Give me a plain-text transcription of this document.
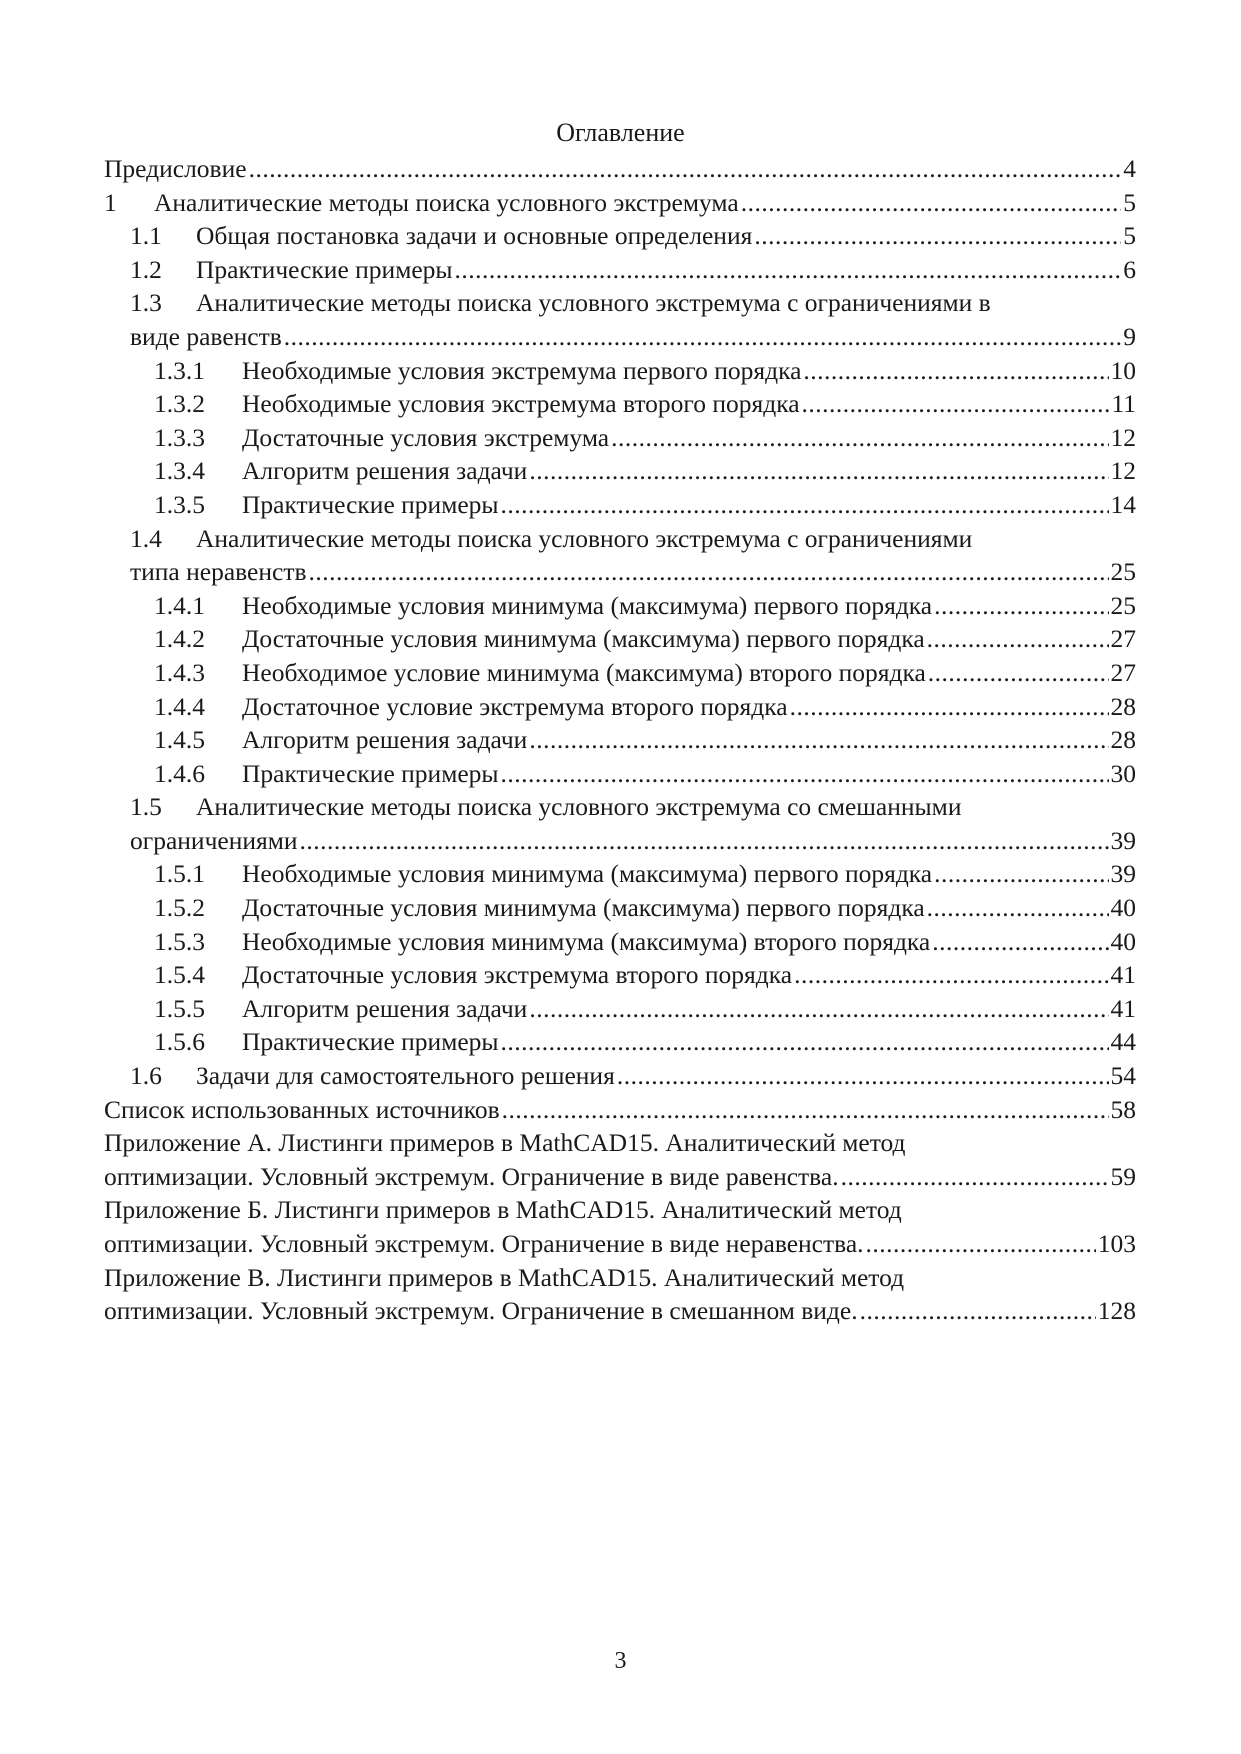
Оглавление
Предисловие .....	4
1	Аналитические методы поиска условного экстремума .....	5
1.1	Общая постановка задачи и основные определения .....	5
1.2	Практические примеры .....	6
1.3 Аналитические методы поиска условного экстремума с ограничениями в
виде равенств .....	9
1.3.1	Необходимые условия экстремума первого порядка .....	10
1.3.2	Необходимые условия экстремума второго порядка .....	11
1.3.3	Достаточные условия экстремума .....	12
1.3.4	Алгоритм решения задачи .....	12
1.3.5	Практические примеры .....	14
1.4 Аналитические методы поиска условного экстремума с ограничениями
типа неравенств .....	25
1.4.1	Необходимые условия минимума (максимума) первого порядка .....	25
1.4.2	Достаточные условия минимума (максимума) первого порядка .....	27
1.4.3	Необходимое условие минимума (максимума) второго порядка .....	27
1.4.4	Достаточное условие экстремума второго порядка .....	28
1.4.5	Алгоритм решения задачи .....	28
1.4.6	Практические примеры .....	30
1.5 Аналитические методы поиска условного экстремума со смешанными
ограничениями .....	39
1.5.1	Необходимые условия минимума (максимума) первого порядка .....	39
1.5.2	Достаточные условия минимума (максимума) первого порядка .....	40
1.5.3	Необходимые условия минимума (максимума) второго порядка .....	40
1.5.4	Достаточные условия экстремума второго порядка .....	41
1.5.5	Алгоритм решения задачи .....	41
1.5.6	Практические примеры .....	44
1.6	Задачи для самостоятельного решения .....	54
Список использованных источников .....	58
Приложение А. Листинги примеров в MathCAD15. Аналитический метод
оптимизации. Условный экстремум. Ограничение в виде равенства. .....	59
Приложение Б. Листинги примеров в MathCAD15. Аналитический метод
оптимизации. Условный экстремум. Ограничение в виде неравенства. .....	103
Приложение В. Листинги примеров в MathCAD15. Аналитический метод
оптимизации. Условный экстремум. Ограничение в смешанном виде. .....	128
3
